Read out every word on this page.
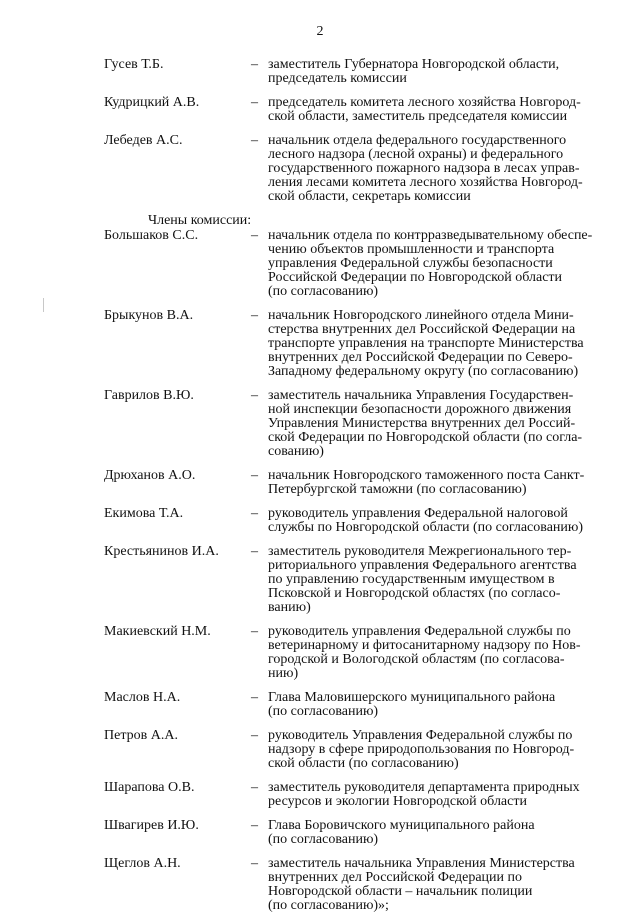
2
Гусев Т.Б.	– заместитель Губернатора Новгородской области,
председатель комиссии
Кудрицкий А.В.	– председатель комитета лесного хозяйства Новгород-
ской области, заместитель председателя комиссии
Лебедев А.С.	– начальник отдела федерального государственного
лесного надзора (лесной охраны) и федерального
государственного пожарного надзора в лесах управ-
ления лесами комитета лесного хозяйства Новгород-
ской области, секретарь комиссии
Члены комиссии:
Большаков С.С.	– начальник отдела по контрразведывательному обеспе-
чению объектов промышленности и транспорта
управления Федеральной службы безопасности
Российской Федерации по Новгородской области
(по согласованию)
Брыкунов В.А.	– начальник Новгородского линейного отдела Мини-
стерства внутренних дел Российской Федерации на
транспорте управления на транспорте Министерства
внутренних дел Российской Федерации по Северо-
Западному федеральному округу (по согласованию)
Гаврилов В.Ю.	– заместитель начальника Управления Государствен-
ной инспекции безопасности дорожного движения
Управления Министерства внутренних дел Россий-
ской Федерации по Новгородской области (по согла-
сованию)
Дрюханов А.О.	– начальник Новгородского таможенного поста Санкт-
Петербургской таможни (по согласованию)
Екимова Т.А.	– руководитель управления Федеральной налоговой
службы по Новгородской области (по согласованию)
Крестьянинов И.А. – заместитель руководителя Межрегионального тер-
риториального управления Федерального агентства
по управлению государственным имуществом в
Псковской и Новгородской областях (по согласо-
ванию)
Макиевский Н.М.	– руководитель управления Федеральной службы по
ветеринарному и фитосанитарному надзору по Нов-
городской и Вологодской областям (по согласова-
нию)
Маслов Н.А.	– Глава Маловишерского муниципального района
(по согласованию)
Петров А.А.	– руководитель Управления Федеральной службы по
надзору в сфере природопользования по Новгород-
ской области (по согласованию)
Шарапова О.В.	– заместитель руководителя департамента природных
ресурсов и экологии Новгородской области
Швагирев И.Ю.	– Глава Боровичского муниципального района
(по согласованию)
Щеглов А.Н.	– заместитель начальника Управления Министерства
внутренних дел Российской Федерации по
Новгородской области – начальник полиции
(по согласованию)»;
